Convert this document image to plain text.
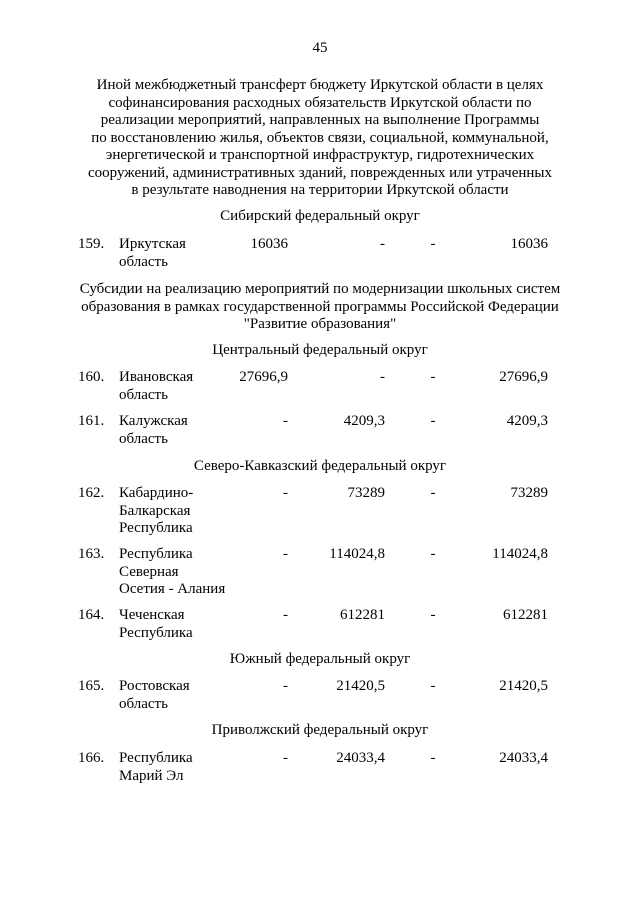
45
Иной межбюджетный трансферт бюджету Иркутской области в целях
софинансирования расходных обязательств Иркутской области по
реализации мероприятий, направленных на выполнение Программы
по восстановлению жилья, объектов связи, социальной, коммунальной,
энергетической и транспортной инфраструктур, гидротехнических
сооружений, административных зданий, поврежденных или утраченных
в результате наводнения на территории Иркутской области
Сибирский федеральный округ
159. Иркутская
область
16036	-	-	16036
Субсидии на реализацию мероприятий по модернизации школьных систем
образования в рамках государственной программы Российской Федерации
"Развитие образования"
Центральный федеральный округ
160. Ивановская
область
27696,9	-	-	27696,9
161. Калужская
область
-	4209,3	-	4209,3
Северо-Кавказский федеральный округ
162. Кабардино-
Балкарская
Республика
-	73289	-	73289
163. Республика
Северная
Осетия - Алания
-	114024,8	-	114024,8
164. Чеченская
Республика
-	612281	-	612281
Южный федеральный округ
165. Ростовская
область
-	21420,5	-	21420,5
Приволжский федеральный округ
166. Республика
Марий Эл
-	24033,4	-	24033,4
